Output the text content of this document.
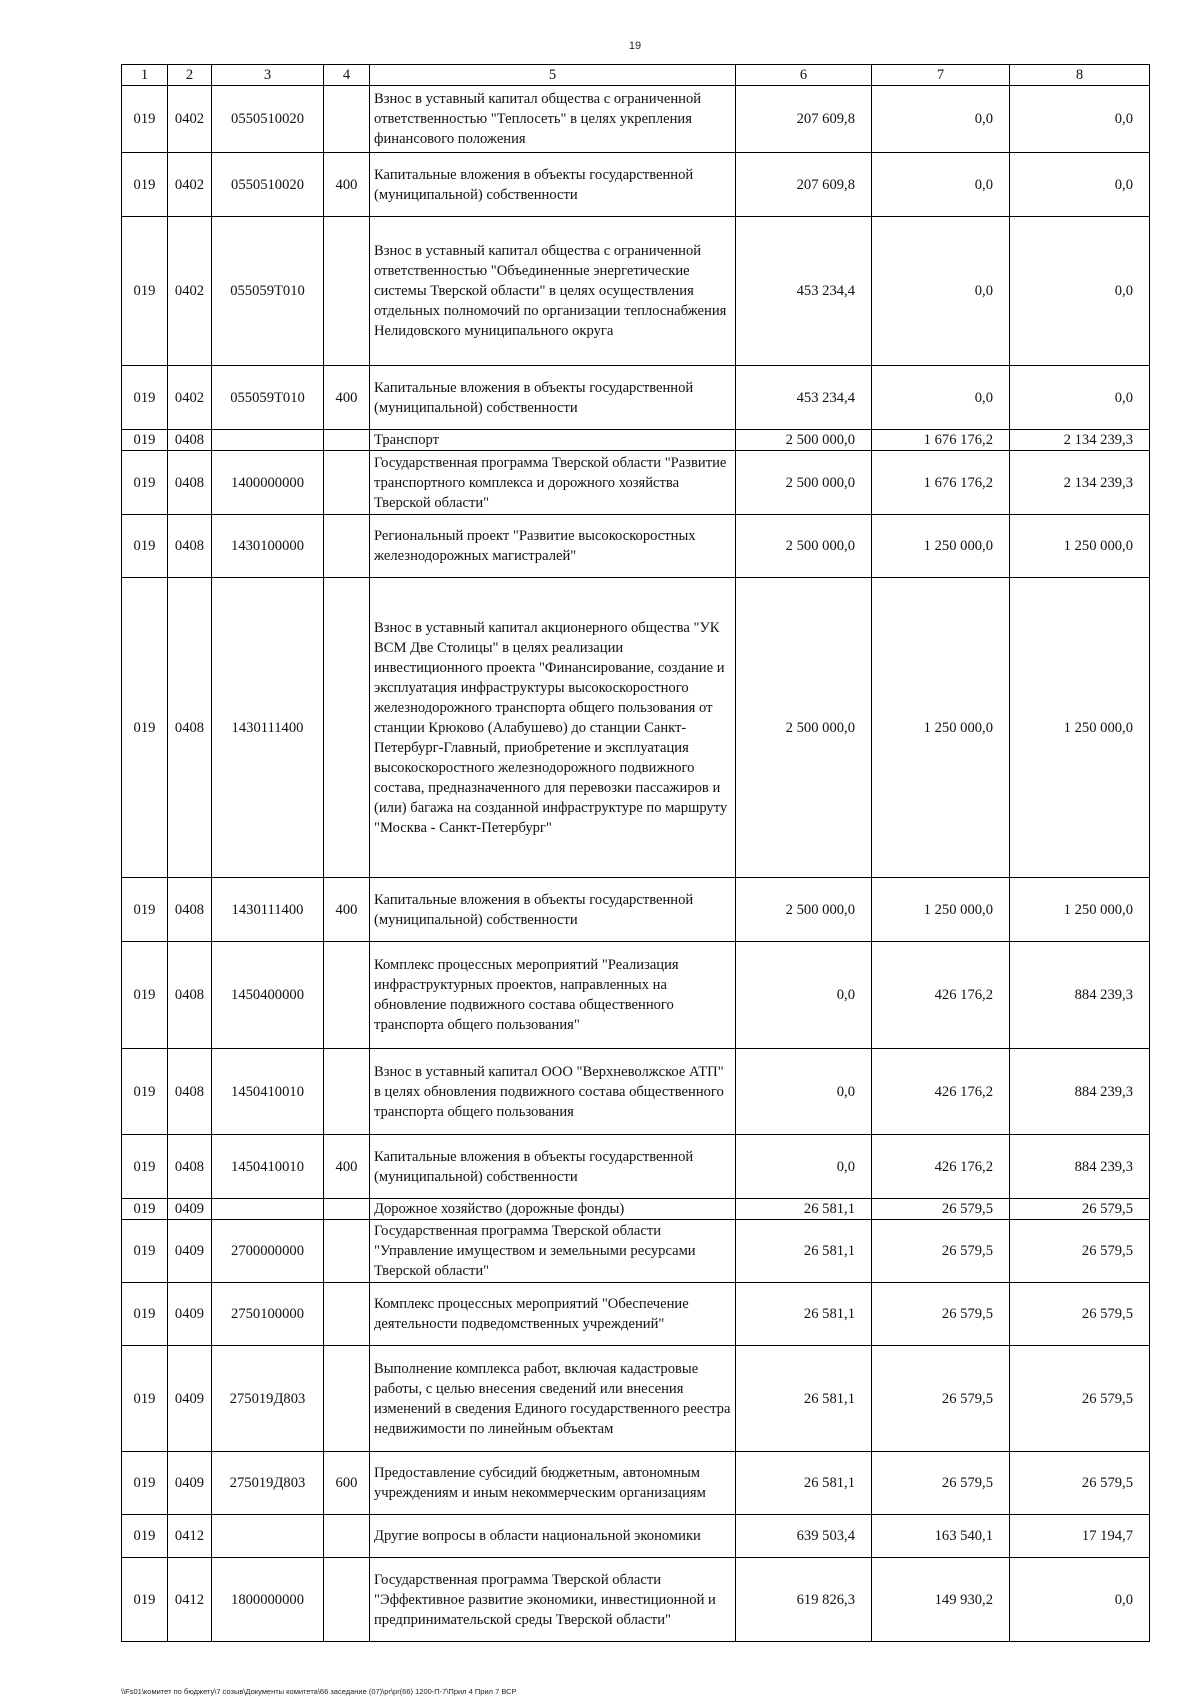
19
1	2	3	4	5	6	7	8
019	0402	0550510020		Взнос в уставный капитал общества с ограниченной ответственностью "Теплосеть" в целях укрепления финансового положения	207 609,8	0,0	0,0
019	0402	0550510020	400	Капитальные вложения в объекты государственной (муниципальной) собственности	207 609,8	0,0	0,0
019	0402	055059Т010		Взнос в уставный капитал общества с ограниченной ответственностью "Объединенные энергетические системы Тверской области" в целях осуществления отдельных полномочий по организации теплоснабжения Нелидовского муниципального округа	453 234,4	0,0	0,0
019	0402	055059Т010	400	Капитальные вложения в объекты государственной (муниципальной) собственности	453 234,4	0,0	0,0
019	0408			Транспорт	2 500 000,0	1 676 176,2	2 134 239,3
019	0408	1400000000		Государственная программа Тверской области "Развитие транспортного комплекса и дорожного хозяйства Тверской области"	2 500 000,0	1 676 176,2	2 134 239,3
019	0408	1430100000		Региональный проект "Развитие высокоскоростных железнодорожных магистралей"	2 500 000,0	1 250 000,0	1 250 000,0
019	0408	1430111400		Взнос в уставный капитал акционерного общества "УК ВСМ Две Столицы" в целях реализации инвестиционного проекта "Финансирование, создание и эксплуатация инфраструктуры высокоскоростного железнодорожного транспорта общего пользования от станции Крюково (Алабушево) до станции Санкт-Петербург-Главный, приобретение и эксплуатация высокоскоростного железнодорожного подвижного состава, предназначенного для перевозки пассажиров и (или) багажа на созданной инфраструктуре по маршруту "Москва - Санкт-Петербург"	2 500 000,0	1 250 000,0	1 250 000,0
019	0408	1430111400	400	Капитальные вложения в объекты государственной (муниципальной) собственности	2 500 000,0	1 250 000,0	1 250 000,0
019	0408	1450400000		Комплекс процессных мероприятий "Реализация инфраструктурных проектов, направленных на обновление подвижного состава общественного транспорта общего пользования"	0,0	426 176,2	884 239,3
019	0408	1450410010		Взнос в уставный капитал ООО "Верхневолжское АТП" в целях обновления подвижного состава общественного транспорта общего пользования	0,0	426 176,2	884 239,3
019	0408	1450410010	400	Капитальные вложения в объекты государственной (муниципальной) собственности	0,0	426 176,2	884 239,3
019	0409			Дорожное хозяйство (дорожные фонды)	26 581,1	26 579,5	26 579,5
019	0409	2700000000		Государственная программа Тверской области "Управление имуществом и земельными ресурсами Тверской области"	26 581,1	26 579,5	26 579,5
019	0409	2750100000		Комплекс процессных мероприятий "Обеспечение деятельности подведомственных учреждений"	26 581,1	26 579,5	26 579,5
019	0409	275019Д803		Выполнение комплекса работ, включая кадастровые работы, с целью внесения сведений или внесения изменений в сведения Единого государственного реестра недвижимости по линейным объектам	26 581,1	26 579,5	26 579,5
019	0409	275019Д803	600	Предоставление субсидий бюджетным, автономным учреждениям и иным некоммерческим организациям	26 581,1	26 579,5	26 579,5
019	0412			Другие вопросы в области национальной экономики	639 503,4	163 540,1	17 194,7
019	0412	1800000000		Государственная программа Тверской области "Эффективное развитие экономики, инвестиционной и предпринимательской среды Тверской области"	619 826,3	149 930,2	0,0
\\Fs01\комитет по бюджету\7 созыв\Документы комитета\66 заседание (07)\pr\pr(66) 1200-П-7\Прил 4 Прил 7 ВСР
